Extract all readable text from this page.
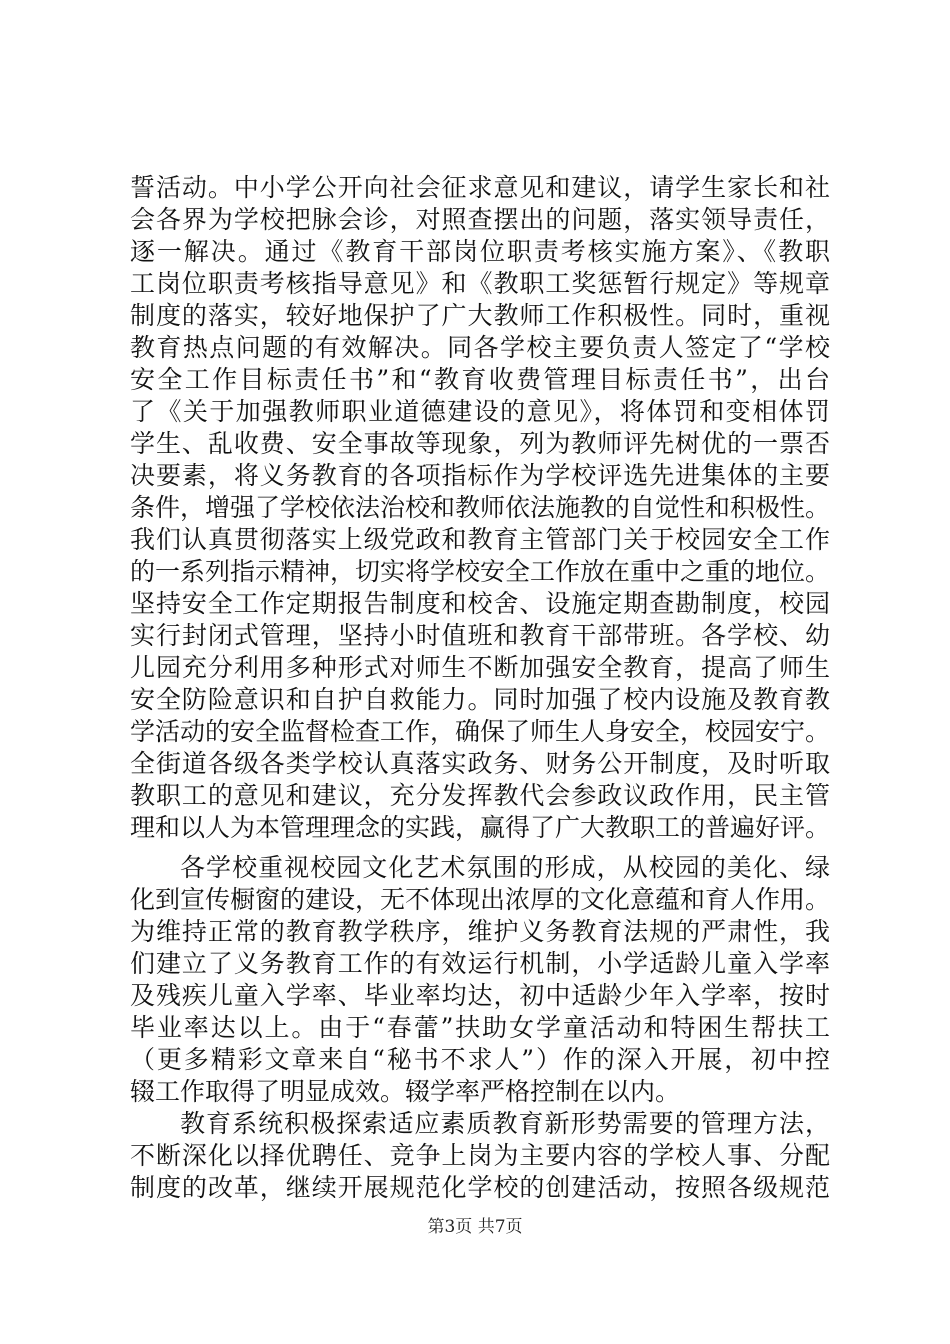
誓活动。中小学公开向社会征求意见和建议，请学生家长和社
会各界为学校把脉会诊，对照查摆出的问题，落实领导责任，
逐一解决。通过《教育干部岗位职责考核实施方案》、《教职
工岗位职责考核指导意见》和《教职工奖惩暂行规定》等规章
制度的落实，较好地保护了广大教师工作积极性。同时，重视
教育热点问题的有效解决。同各学校主要负责人签定了“学校
安全工作目标责任书”和“教育收费管理目标责任书”，出台
了《关于加强教师职业道德建设的意见》，将体罚和变相体罚
学生、乱收费、安全事故等现象，列为教师评先树优的一票否
决要素，将义务教育的各项指标作为学校评选先进集体的主要
条件，增强了学校依法治校和教师依法施教的自觉性和积极性。
我们认真贯彻落实上级党政和教育主管部门关于校园安全工作
的一系列指示精神，切实将学校安全工作放在重中之重的地位。
坚持安全工作定期报告制度和校舍、设施定期查勘制度，校园
实行封闭式管理，坚持小时值班和教育干部带班。各学校、幼
儿园充分利用多种形式对师生不断加强安全教育，提高了师生
安全防险意识和自护自救能力。同时加强了校内设施及教育教
学活动的安全监督检查工作，确保了师生人身安全，校园安宁。
全街道各级各类学校认真落实政务、财务公开制度，及时听取
教职工的意见和建议，充分发挥教代会参政议政作用，民主管
理和以人为本管理理念的实践，赢得了广大教职工的普遍好评。
各学校重视校园文化艺术氛围的形成，从校园的美化、绿
化到宣传橱窗的建设，无不体现出浓厚的文化意蕴和育人作用。
为维持正常的教育教学秩序，维护义务教育法规的严肃性，我
们建立了义务教育工作的有效运行机制，小学适龄儿童入学率
及残疾儿童入学率、毕业率均达，初中适龄少年入学率，按时
毕业率达以上。由于“春蕾”扶助女学童活动和特困生帮扶工
（更多精彩文章来自“秘书不求人”）作的深入开展，初中控
辍工作取得了明显成效。辍学率严格控制在以内。
教育系统积极探索适应素质教育新形势需要的管理方法，
不断深化以择优聘任、竞争上岗为主要内容的学校人事、分配
制度的改革，继续开展规范化学校的创建活动，按照各级规范
第3页 共7页
